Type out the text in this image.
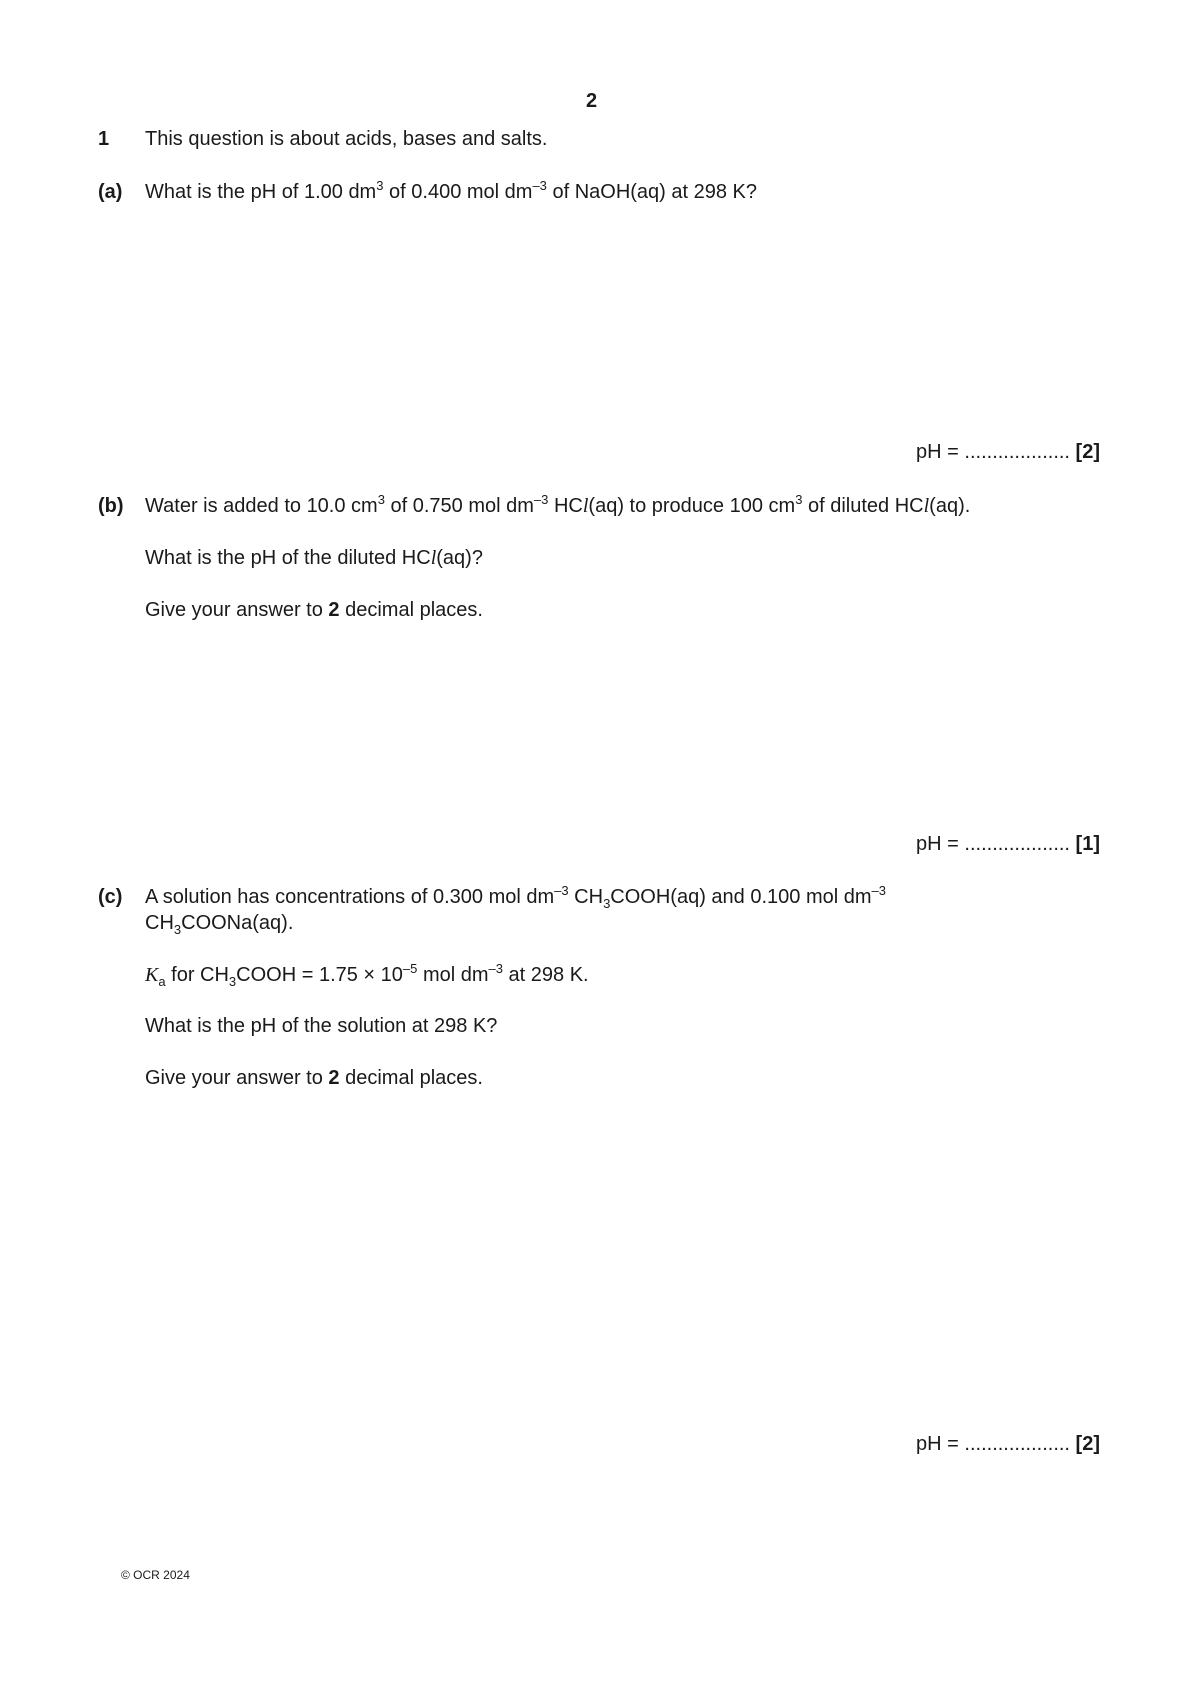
2
1 This question is about acids, bases and salts.
(a) What is the pH of 1.00 $dm^3$ of 0.400 mol $dm^{-3}$ of NaOH(aq) at 298 K?
pH = ................... [2]
(b) Water is added to 10.0 $cm^3$ of 0.750 mol $dm^{-3}$ HCl(aq) to produce 100 $cm^3$ of diluted HCl(aq).
What is the pH of the diluted HCl(aq)?
Give your answer to 2 decimal places.
pH = ................... [1]
(c) A solution has concentrations of 0.300 mol $dm^{-3}$ $CH_3COOH(aq)$ and 0.100 mol $dm^{-3}$
$CH_3COONa(aq)$.
$K_a$ for $CH_3COOH = 1.75 \times 10^{-5}$ mol $dm^{-3}$ at 298 K.
What is the pH of the solution at 298 K?
Give your answer to 2 decimal places.
pH = ................... [2]
© OCR 2024
